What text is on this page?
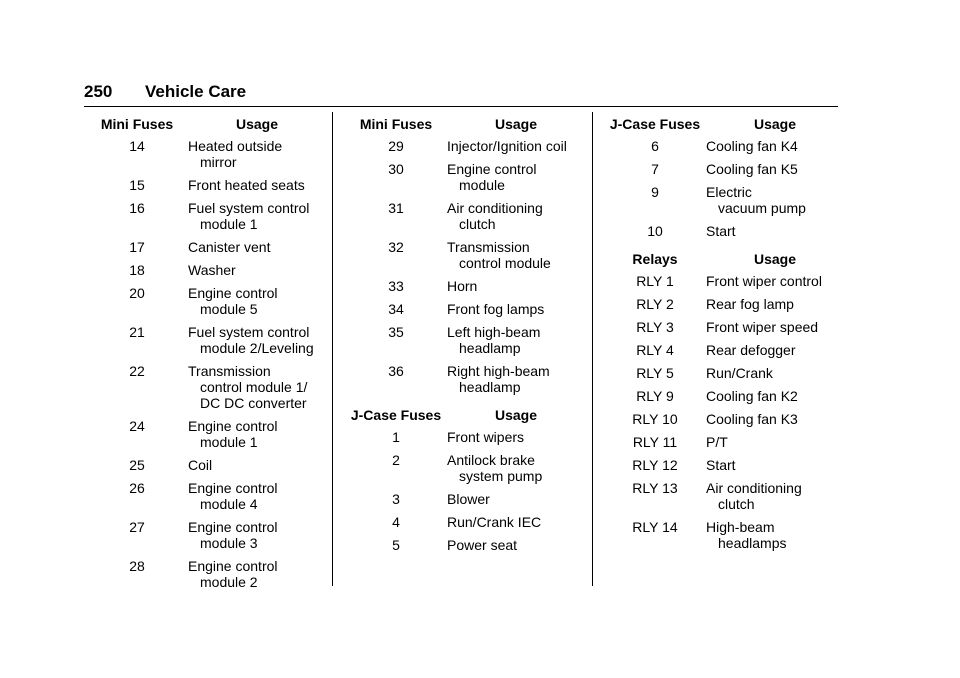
250 Vehicle Care
Mini Fuses	Usage
14	Heated outside
mirror
15	Front heated seats
16	Fuel system control
module 1
17	Canister vent
18	Washer
20	Engine control
module 5
21	Fuel system control
module 2/Leveling
22	Transmission
control module 1/ DC DC converter
24	Engine control
module 1
25	Coil
26	Engine control
module 4
27	Engine control
module 3
28	Engine control
module 2
Mini Fuses	Usage
29	Injector/Ignition coil
30	Engine control
module
31	Air conditioning
clutch
32	Transmission
control module
33	Horn
34	Front fog lamps
35	Left high-beam
headlamp
36	Right high-beam
headlamp
J-Case Fuses	Usage
1	Front wipers
2	Antilock brake
system pump
3	Blower
4	Run/Crank IEC
5	Power seat
J-Case Fuses	Usage
6	Cooling fan K4
7	Cooling fan K5
9	Electric
vacuum pump
10	Start
Relays	Usage
RLY 1	Front wiper control
RLY 2	Rear fog lamp
RLY 3	Front wiper speed
RLY 4	Rear defogger
RLY 5	Run/Crank
RLY 9	Cooling fan K2
RLY 10	Cooling fan K3
RLY 11	P/T
RLY 12	Start
RLY 13	Air conditioning
clutch
RLY 14	High-beam
headlamps
